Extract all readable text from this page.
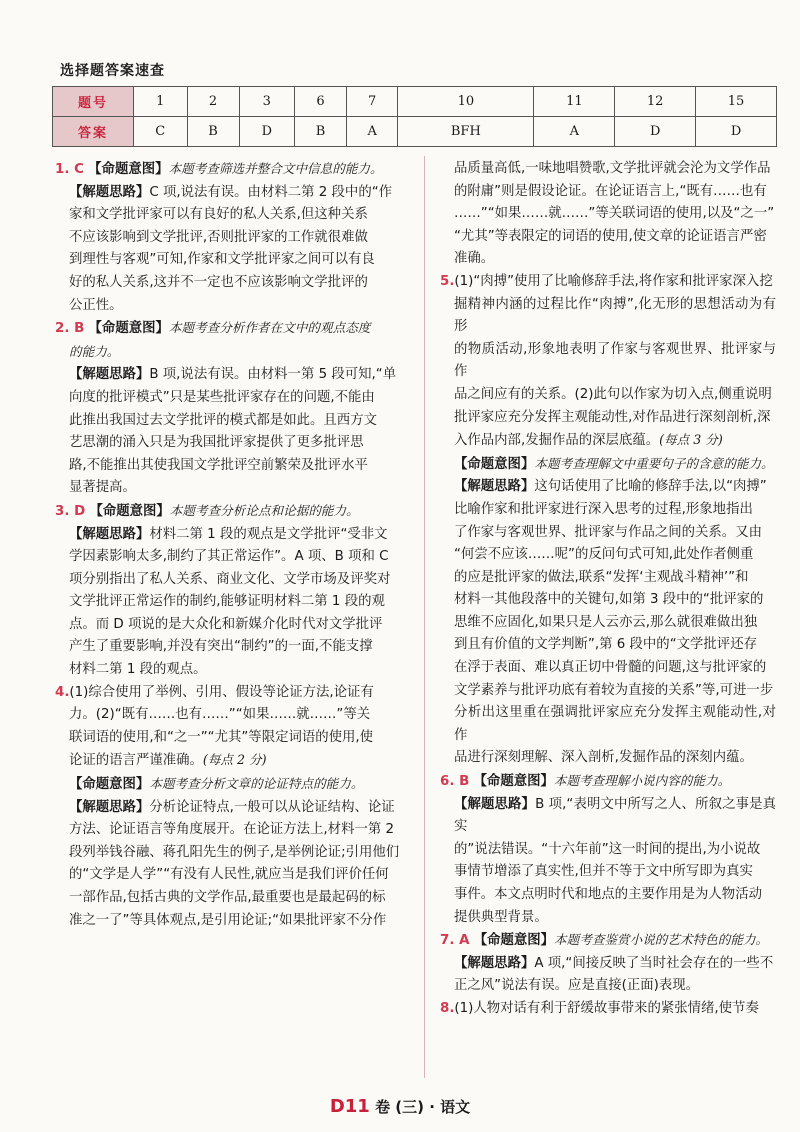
选择题答案速查
题号	1	2	3	6	7	10	11	12	15
答案	C	B	D	B	A	BFH	A	D	D

1. C 【命题意图】本题考查筛选并整合文中信息的能力。

【解题思路】C 项,说法有误。由材料二第 2 段中的“作

家和文学批评家可以有良好的私人关系,但这种关系

不应该影响到文学批评,否则批评家的工作就很难做

到理性与客观”可知,作家和文学批评家之间可以有良

好的私人关系,这并不一定也不应该影响文学批评的

公正性。

2. B 【命题意图】本题考查分析作者在文中的观点态度

的能力。

【解题思路】B 项,说法有误。由材料一第 5 段可知,“单

向度的批评模式”只是某些批评家存在的问题,不能由

此推出我国过去文学批评的模式都是如此。且西方文

艺思潮的涌入只是为我国批评家提供了更多批评思

路,不能推出其使我国文学批评空前繁荣及批评水平

显著提高。

3. D 【命题意图】本题考查分析论点和论据的能力。

【解题思路】材料二第 1 段的观点是文学批评“受非文

学因素影响太多,制约了其正常运作”。A 项、B 项和 C

项分别指出了私人关系、商业文化、文学市场及评奖对

文学批评正常运作的制约,能够证明材料二第 1 段的观

点。而 D 项说的是大众化和新媒介化时代对文学批评

产生了重要影响,并没有突出“制约”的一面,不能支撑

材料二第 1 段的观点。

4.(1)综合使用了举例、引用、假设等论证方法,论证有

力。(2)“既有……也有……”“如果……就……”等关

联词语的使用,和“之一”“尤其”等限定词语的使用,使

论证的语言严谨准确。(每点 2 分)

【命题意图】本题考查分析文章的论证特点的能力。

【解题思路】分析论证特点,一般可以从论证结构、论证

方法、论证语言等角度展开。在论证方法上,材料一第 2

段列举钱谷融、蒋孔阳先生的例子,是举例论证;引用他们

的“文学是人学”“有没有人民性,就应当是我们评价任何

一部作品,包括古典的文学作品,最重要也是最起码的标

准之一了”等具体观点,是引用论证;“如果批评家不分作

品质量高低,一味地唱赞歌,文学批评就会沦为文学作品

的附庸”则是假设论证。在论证语言上,“既有……也有

……”“如果……就……”等关联词语的使用,以及“之一”

“尤其”等表限定的词语的使用,使文章的论证语言严密

准确。

5.(1)“肉搏”使用了比喻修辞手法,将作家和批评家深入挖

掘精神内涵的过程比作“肉搏”,化无形的思想活动为有形

的物质活动,形象地表明了作家与客观世界、批评家与作

品之间应有的关系。(2)此句以作家为切入点,侧重说明

批评家应充分发挥主观能动性,对作品进行深刻剖析,深

入作品内部,发掘作品的深层底蕴。(每点 3 分)

【命题意图】本题考查理解文中重要句子的含意的能力。

【解题思路】这句话使用了比喻的修辞手法,以“肉搏”

比喻作家和批评家进行深入思考的过程,形象地指出

了作家与客观世界、批评家与作品之间的关系。又由

“何尝不应该……呢”的反问句式可知,此处作者侧重

的应是批评家的做法,联系“发挥‘主观战斗精神’”和

材料一其他段落中的关键句,如第 3 段中的“批评家的

思维不应固化,如果只是人云亦云,那么就很难做出独

到且有价值的文学判断”,第 6 段中的“文学批评还存

在浮于表面、难以真正切中骨髓的问题,这与批评家的

文学素养与批评功底有着较为直接的关系”等,可进一步

分析出这里重在强调批评家应充分发挥主观能动性,对作

品进行深刻理解、深入剖析,发掘作品的深刻内蕴。

6. B 【命题意图】本题考查理解小说内容的能力。

【解题思路】B 项,“表明文中所写之人、所叙之事是真实

的”说法错误。“十六年前”这一时间的提出,为小说故

事情节增添了真实性,但并不等于文中所写即为真实

事件。本文点明时代和地点的主要作用是为人物活动

提供典型背景。

7. A 【命题意图】本题考查鉴赏小说的艺术特色的能力。

【解题思路】A 项,“间接反映了当时社会存在的一些不

正之风”说法有误。应是直接(正面)表现。

8.(1)人物对话有利于舒缓故事带来的紧张情绪,使节奏

D11 卷 (三) · 语文
